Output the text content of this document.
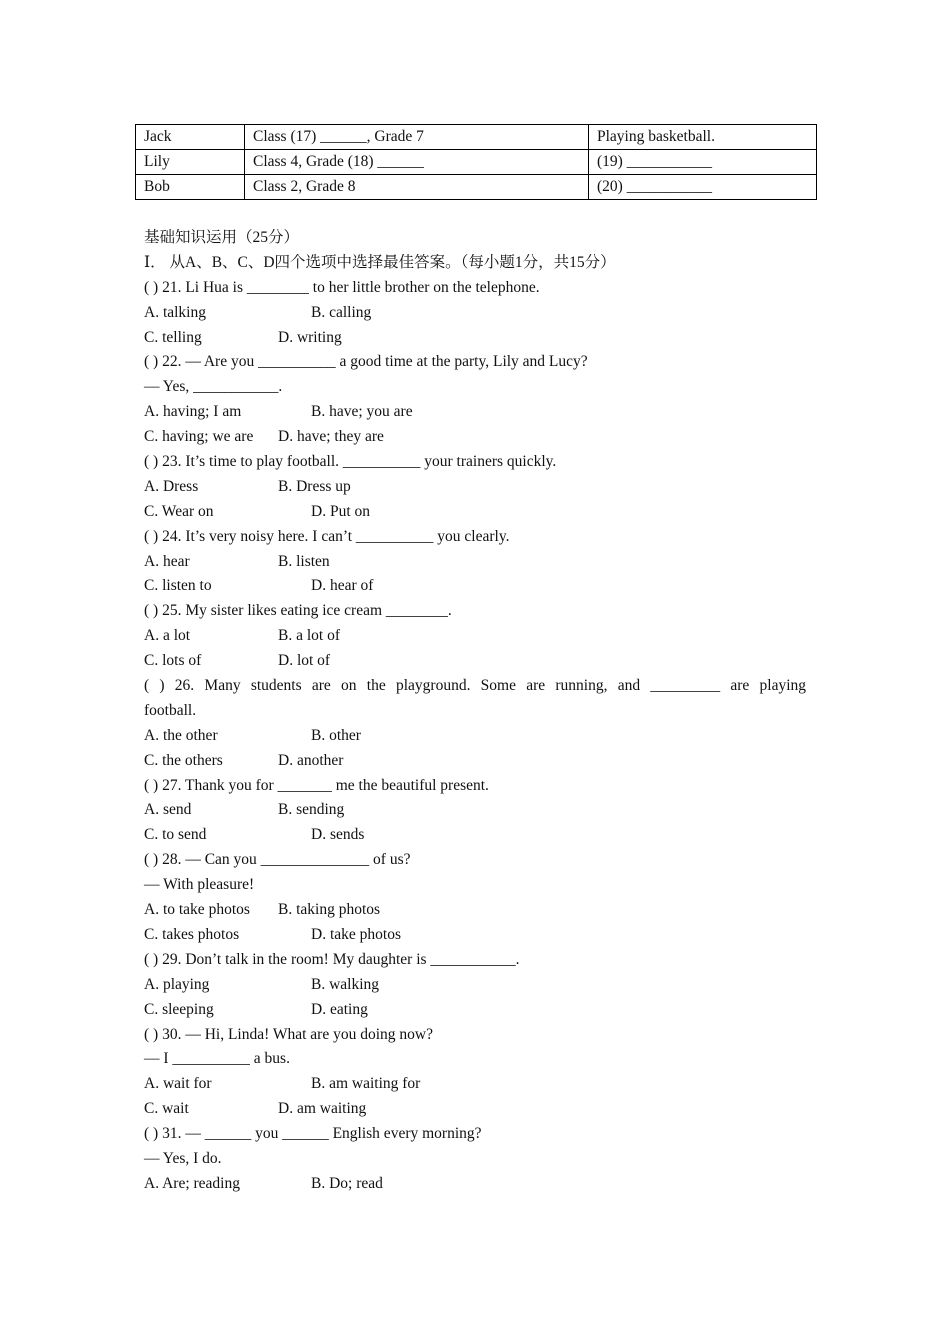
Jack	Class (17) ______, Grade 7	Playing basketball.
Lily	Class 4, Grade (18) ______	(19) ___________
Bob	Class 2, Grade 8	(20) ___________
基础知识运用（25分）
Ⅰ． 从A、B、C、D四个选项中选择最佳答案。（每小题1分，共15分）
( ) 21. Li Hua is ________ to her little brother on the telephone.
A. talking	B. calling
C. telling	D. writing
( ) 22. — Are you __________ a good time at the party, Lily and Lucy?
— Yes, ___________.
A. having; I am	B. have; you are
C. having; we are D. have; they are
( ) 23. It’s time to play football. __________ your trainers quickly.
A. Dress	B. Dress up
C. Wear on	D. Put on
( ) 24. It’s very noisy here. I can’t __________ you clearly.
A. hear	B. listen
C. listen to	D. hear of
( ) 25. My sister likes eating ice cream ________.
A. a lot	B. a lot of
C. lots of	D. lot of
( ) 26. Many students are on the playground. Some are running, and _________ are playing
football.
A. the other	B. other
C. the others	D. another
( ) 27. Thank you for _______ me the beautiful present.
A. send	B. sending
C. to send	D. sends
( ) 28. — Can you ______________ of us?
— With pleasure!
A. to take photos B. taking photos
C. takes photos	D. take photos
( ) 29. Don’t talk in the room! My daughter is ___________.
A. playing	B. walking
C. sleeping	D. eating
( ) 30. — Hi, Linda! What are you doing now?
— I __________ a bus.
A. wait for	B. am waiting for
C. wait	D. am waiting
( ) 31. — ______ you ______ English every morning?
— Yes, I do.
A. Are; reading	B. Do; read
